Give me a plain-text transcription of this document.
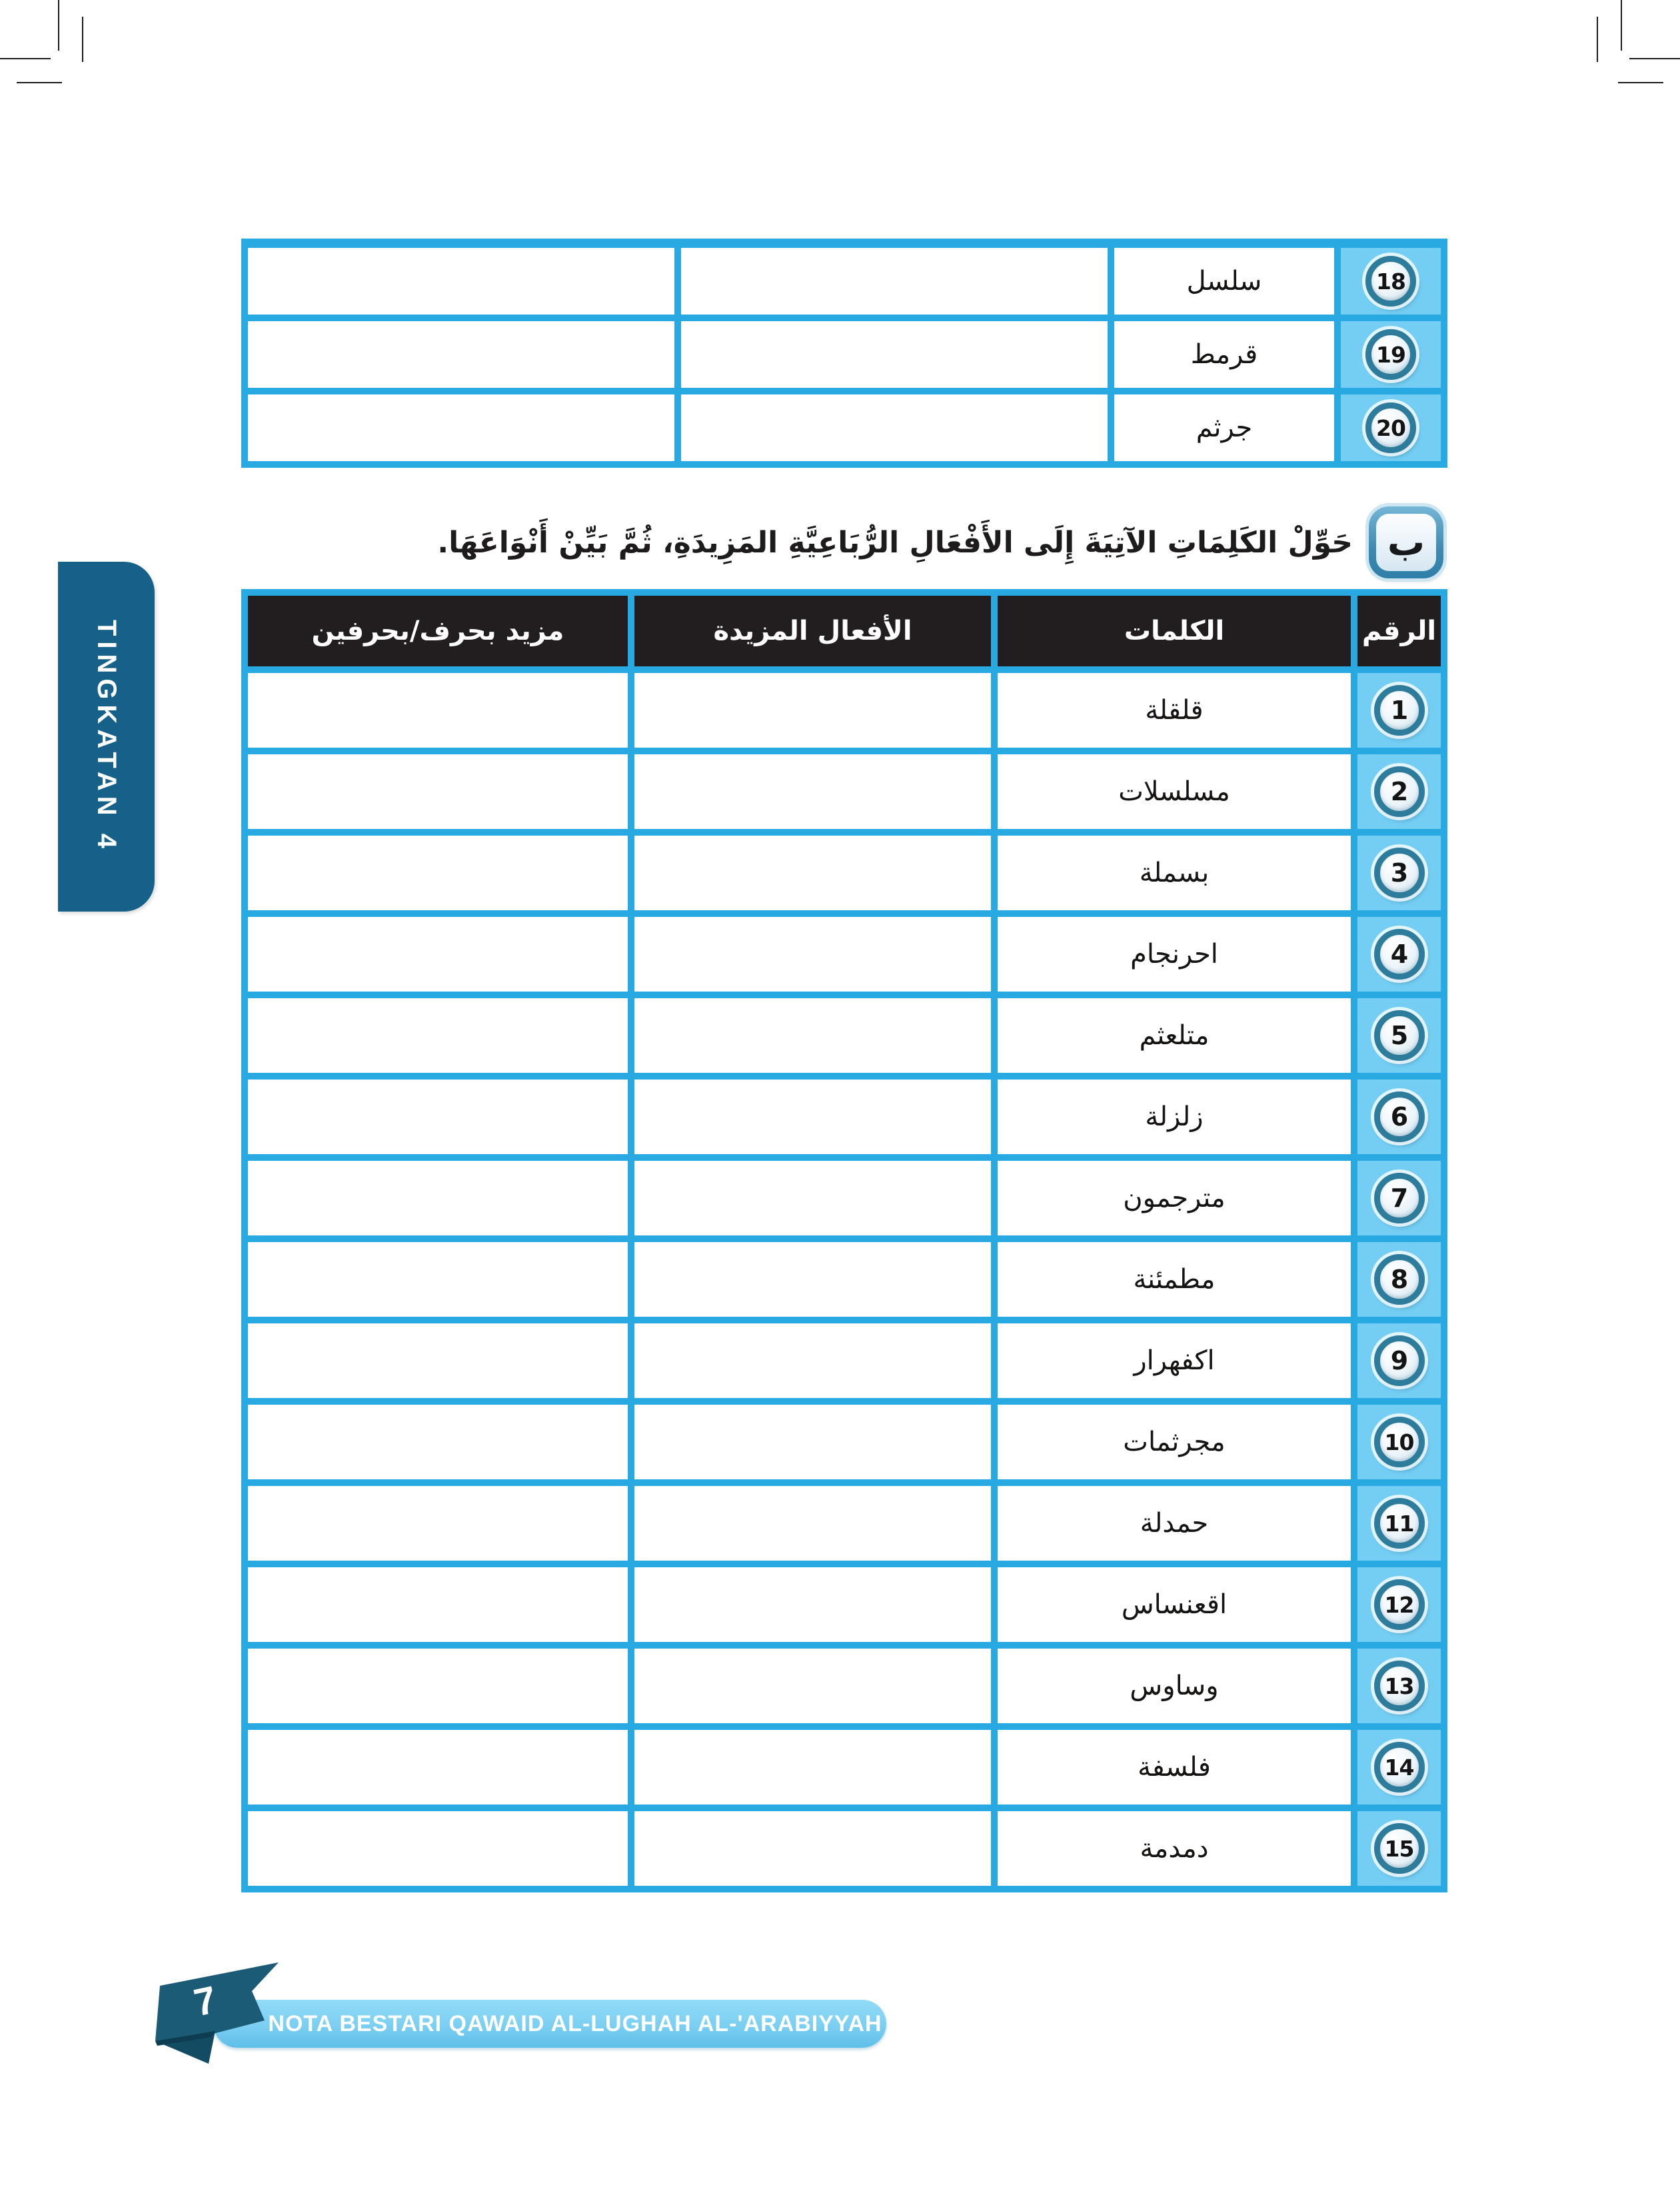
TINGKATAN 4
18
سلسل
19
قرمط
20
جرثم
ب
حَوِّلْ الكَلِمَاتِ الآتِيَةَ إِلَى الأَفْعَالِ الرُّبَاعِيَّةِ المَزِيدَةِ، ثُمَّ بَيِّنْ أَنْوَاعَهَا.
الرقم
الكلمات
الأفعال المزيدة
مزيد بحرف/بحرفين
1
قلقلة
2
مسلسلات
3
بسملة
4
احرنجام
5
متلعثم
6
زلزلة
7
مترجمون
8
مطمئنة
9
اكفهرار
10
مجرثمات
11
حمدلة
12
اقعنساس
13
وساوس
14
فلسفة
15
دمدمة
NOTA BESTARI QAWAID AL-LUGHAH AL-'ARABIYYAH
7
